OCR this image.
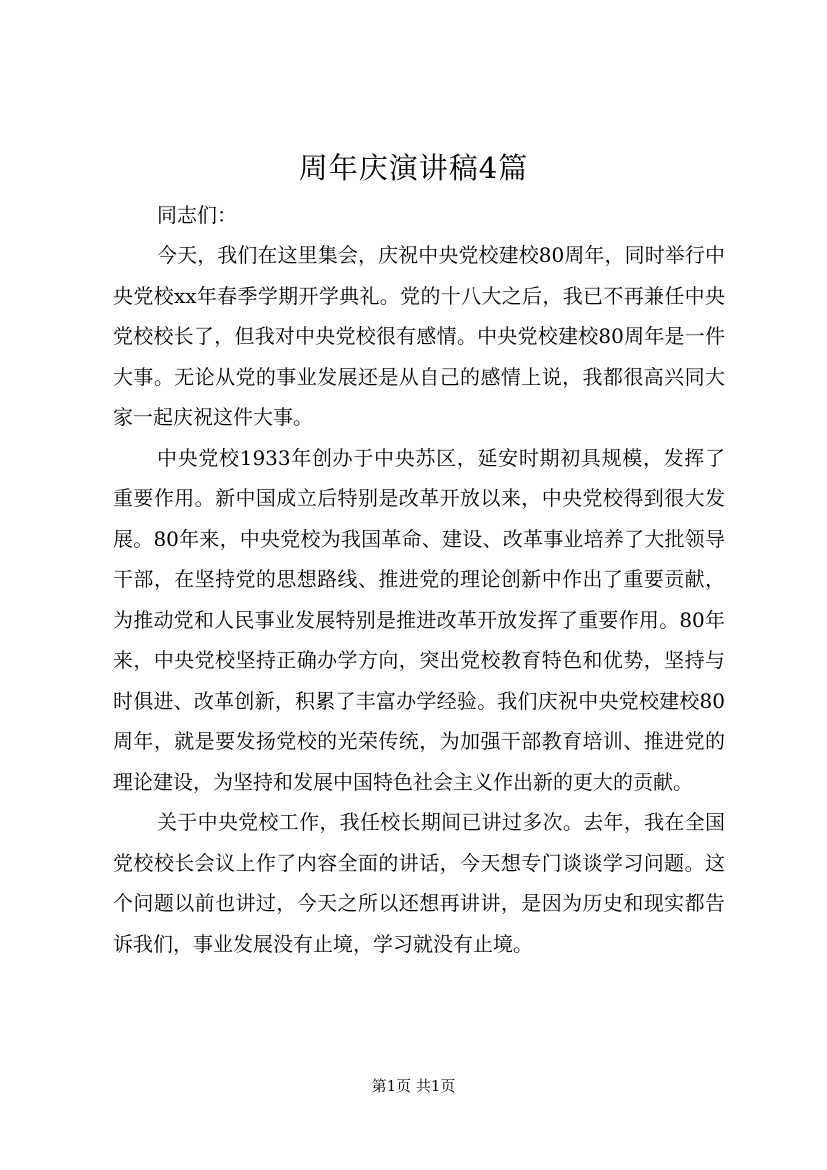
周年庆演讲稿4篇

同志们：

今天，我们在这里集会，庆祝中央党校建校80周年，同时举行中央党校xx年春季学期开学典礼。党的十八大之后，我已不再兼任中央党校校长了，但我对中央党校很有感情。中央党校建校80周年是一件大事。无论从党的事业发展还是从自己的感情上说，我都很高兴同大家一起庆祝这件大事。

中央党校1933年创办于中央苏区，延安时期初具规模，发挥了重要作用。新中国成立后特别是改革开放以来，中央党校得到很大发展。80年来，中央党校为我国革命、建设、改革事业培养了大批领导干部，在坚持党的思想路线、推进党的理论创新中作出了重要贡献，为推动党和人民事业发展特别是推进改革开放发挥了重要作用。80年来，中央党校坚持正确办学方向，突出党校教育特色和优势，坚持与时俱进、改革创新，积累了丰富办学经验。我们庆祝中央党校建校80周年，就是要发扬党校的光荣传统，为加强干部教育培训、推进党的理论建设，为坚持和发展中国特色社会主义作出新的更大的贡献。

关于中央党校工作，我任校长期间已讲过多次。去年，我在全国党校校长会议上作了内容全面的讲话，今天想专门谈谈学习问题。这个问题以前也讲过，今天之所以还想再讲讲，是因为历史和现实都告诉我们，事业发展没有止境，学习就没有止境。

第1页 共1页
